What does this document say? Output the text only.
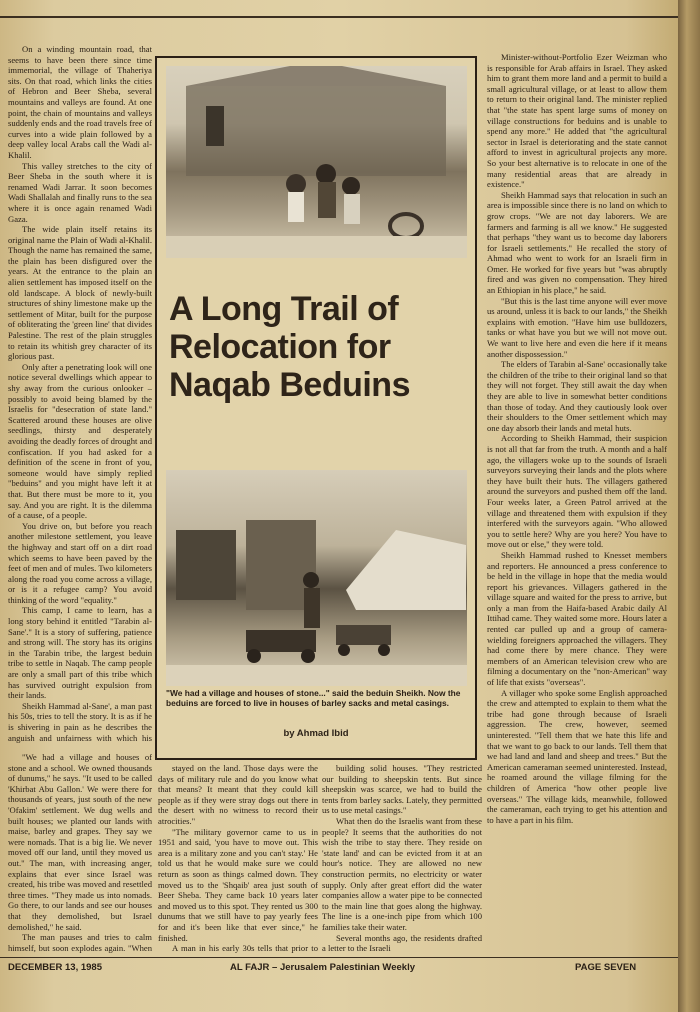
On a winding mountain road, that seems to have been there since time immemorial, the village of Thaheriya sits. On that road, which links the cities of Hebron and Beer Sheba, several mountains and valleys are found. At one point, the chain of mountains and valleys suddenly ends and the road travels free of curves into a wide plain followed by a deep valley local Arabs call the Wadi al-Khalil.

This valley stretches to the city of Beer Sheba in the south where it is renamed Wadi Jarrar. It soon becomes Wadi Shallalah and finally runs to the sea where it is once again renamed Wadi Gaza.

The wide plain itself retains its original name the Plain of Wadi al-Khalil. Though the name has remained the same, the plain has been disfigured over the years. At the entrance to the plain an alien settlement has imposed itself on the old landscape. A block of newly-built structures of shiny limestone make up the settlement of Mitar, built for the purpose of obliterating the 'green line' that divides Palestine. The rest of the plain struggles to retain its whitish grey character of its glorious past.

Only after a penetrating look will one notice several dwellings which appear to shy away from the curious onlooker – possibly to avoid being blamed by the Israelis for "desecration of state land." Scattered around these houses are olive seedlings, thirsty and desperately avoiding the deadly forces of drought and confiscation. If you had asked for a definition of the scene in front of you, someone would have simply replied "beduins" and you might have left it at that. But there must be more to it, you say. And you are right. It is the dilemma of a cause, of a people.

You drive on, but before you reach another milestone settlement, you leave the highway and start off on a dirt road which seems to have been paved by the feet of men and of mules. Two kilometers along the road you come across a village, or is it a refugee camp? You avoid thinking of the word "equality."

This camp, I came to learn, has a long story behind it entitled "Tarabin al-Sane'." It is a story of suffering, patience and strong will. The story has its origins in the Tarabin tribe, the largest beduin tribe to settle in Naqab. The camp people are only a small part of this tribe which has survived outright expulsion from their lands.

Sheikh Hammad al-Sane', a man past his 50s, tries to tell the story. It is as if he is shivering in pain as he describes the anguish and unfairness with which his

"We had a village and houses of stone and a school. We owned thousands of dunums," he says. "It used to be called 'Khirbat Abu Gallon.' We were there for thousands of years, just south of the new 'Ofakim' settlement. We dug wells and built houses; we planted our lands with maise, barley and grapes. They say we were nomads. That is a big lie. We never moved off our land, until they moved us out." The man, with increasing anger, explains that ever since Israel was created, his tribe was moved and resettled three times. "They made us into nomads. Go there, to our lands and see our houses that they demolished, but Israel demolished," he said.

The man pauses and tries to calm himself, but soon explodes again. "When

A Long Trail of Relocation for Naqab Beduins
"We had a village and houses of stone..." said the beduin Sheikh. Now the beduins are forced to live in houses of barley sacks and metal casings.
by Ahmad Ibid

stayed on the land. Those days were the days of military rule and do you know what that means? It meant that they could kill people as if they were stray dogs out there in the desert with no witness to record their atrocities."

"The military governor came to us in 1951 and said, 'you have to move out. This area is a military zone and you can't stay.' He told us that he would make sure we could return as soon as things calmed down. They moved us to the 'Shqaib' area just south of Beer Sheba. They came back 10 years later and moved us to this spot. They rented us 300 dunums that we still have to pay yearly fees for and it's been like that ever since," he finished.

A man in his early 30s tells that prior to

building solid houses. "They restricted our building to sheepskin tents. But since sheepskin was scarce, we had to build the tents from barley sacks. Lately, they permitted us to use metal casings."

What then do the Israelis want from these people? It seems that the authorities do not wish the tribe to stay there. They reside on 'state land' and can be evicted from it at an hour's notice. They are allowed no new construction permits, no electricity or water supply. Only after great effort did the water companies allow a water pipe to be connected to the main line that goes along the highway. The line is a one-inch pipe from which 100 families take their water.

Several months ago, the residents drafted a letter to the Israeli

Minister-without-Portfolio Ezer Weizman who is responsible for Arab affairs in Israel. They asked him to grant them more land and a permit to build a small agricultural village, or at least to allow them to return to their original land. The minister replied that "the state has spent large sums of money on village constructions for beduins and is unable to spend any more." He added that "the agricultural sector in Israel is deteriorating and the state cannot afford to invest in agricultural projects any more. So your best alternative is to relocate in one of the many residential areas that are already in existence."

Sheikh Hammad says that relocation in such an area is impossible since there is no land on which to grow crops. "We are not day laborers. We are farmers and farming is all we know." He suggested that perhaps "they want us to become day laborers for Israeli settlements." He recalled the story of Ahmad who went to work for an Israeli firm in Omer. He worked for five years but "was abruptly fired and was given no compensation. They hired an Ethiopian in his place," he said.

"But this is the last time anyone will ever move us around, unless it is back to our lands," the Sheikh explains with emotion. "Have him use bulldozers, tanks or what have you but we will not move out. We want to live here and even die here if it means another dispossession."

The elders of Tarabin al-Sane' occasionally take the children of the tribe to their original land so that they will not forget. They still await the day when they are able to live in somewhat better conditions than those of today. And they cautiously look over their shoulders to the Omer settlement which may one day absorb their lands and metal huts.

According to Sheikh Hammad, their suspicion is not all that far from the truth. A month and a half ago, the villagers woke up to the sounds of Israeli surveyors surveying their lands and the plots where they have built their huts. The villagers gathered around the surveyors and pushed them off the land. Four weeks later, a Green Patrol arrived at the village and threatened them with expulsion if they interfered with the surveyors again. "Who allowed you to settle here? Why are you here? You have to move out or else," they were told.

Sheikh Hammad rushed to Knesset members and reporters. He announced a press conference to be held in the village in hope that the media would report his grievances. Villagers gathered in the village square and waited for the press to arrive, but only a man from the Haifa-based Arabic daily Al Ittihad came. They waited some more. Hours later a rented car pulled up and a group of camera-wielding foreigners approached the villagers. They had come there by mere chance. They were members of an American television crew who are filming a documentary on the "non-American" way of life that exists "overseas".

A villager who spoke some English approached the crew and attempted to explain to them what the tribe had gone through because of Israeli aggression. The crew, however, seemed uninterested. "Tell them that we hate this life and that we want to go back to our lands. Tell them that we had land and land and sheep and trees." But the American cameraman seemed uninterested. Instead, he roamed around the village filming for the children of America "how other people live overseas." The village kids, meanwhile, followed the cameraman, each trying to get his attention and to have a part in his film.

DECEMBER 13, 1985	AL FAJR – Jerusalem Palestinian Weekly	PAGE SEVEN
